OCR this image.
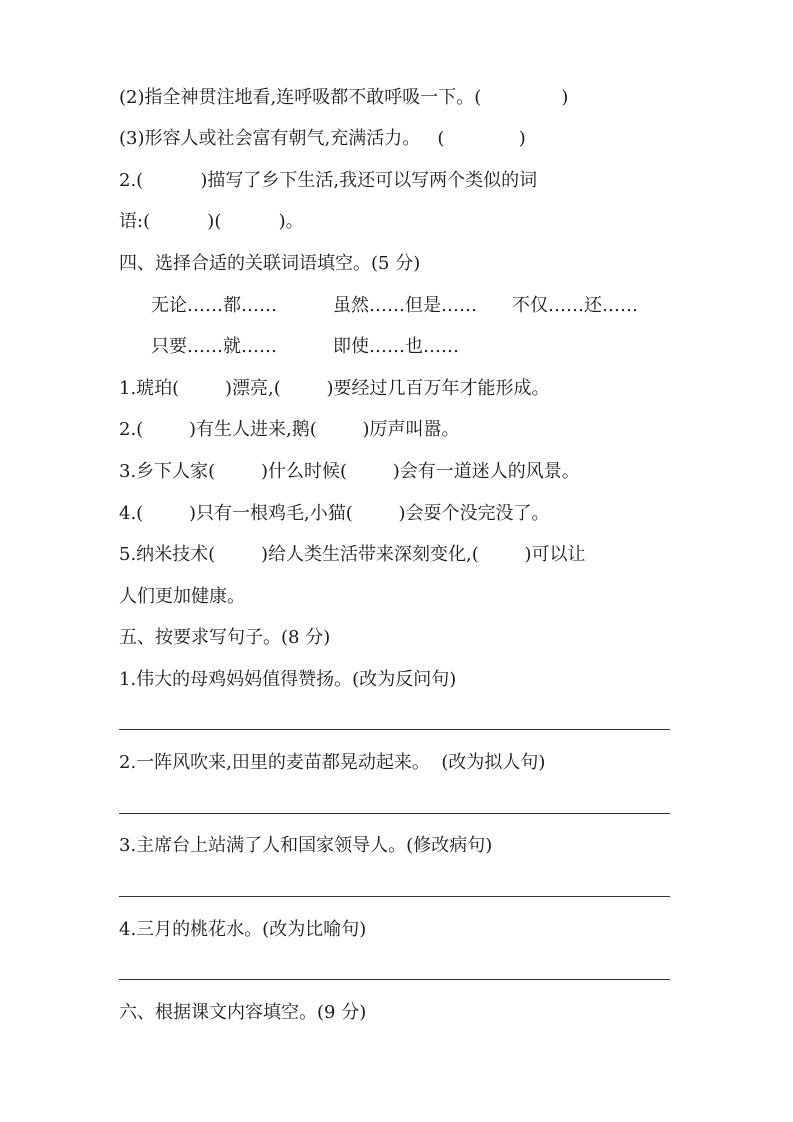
(2)指全神贯注地看,连呼吸都不敢呼吸一下。(              )
(3)形容人或社会富有朝气,充满活力。   (             )
2.(          )描写了乡下生活,我还可以写两个类似的词
语:(          )(          )。
四、选择合适的关联词语填空。(5 分)
无论……都……	虽然……但是…… 不仅……还……
只要……就……	即使……也……
1.琥珀(        )漂亮,(        )要经过几百万年才能形成。
2.(        )有生人进来,鹅(        )厉声叫嚣。
3.乡下人家(        )什么时候(        )会有一道迷人的风景。
4.(        )只有一根鸡毛,小猫(        )会耍个没完没了。
5.纳米技术(        )给人类生活带来深刻变化,(        )可以让
人们更加健康。
五、按要求写句子。(8 分)
1.伟大的母鸡妈妈值得赞扬。(改为反问句)
2.一阵风吹来,田里的麦苗都晃动起来。  (改为拟人句)
3.主席台上站满了人和国家领导人。(修改病句)
4.三月的桃花水。(改为比喻句)
六、根据课文内容填空。(9 分)
